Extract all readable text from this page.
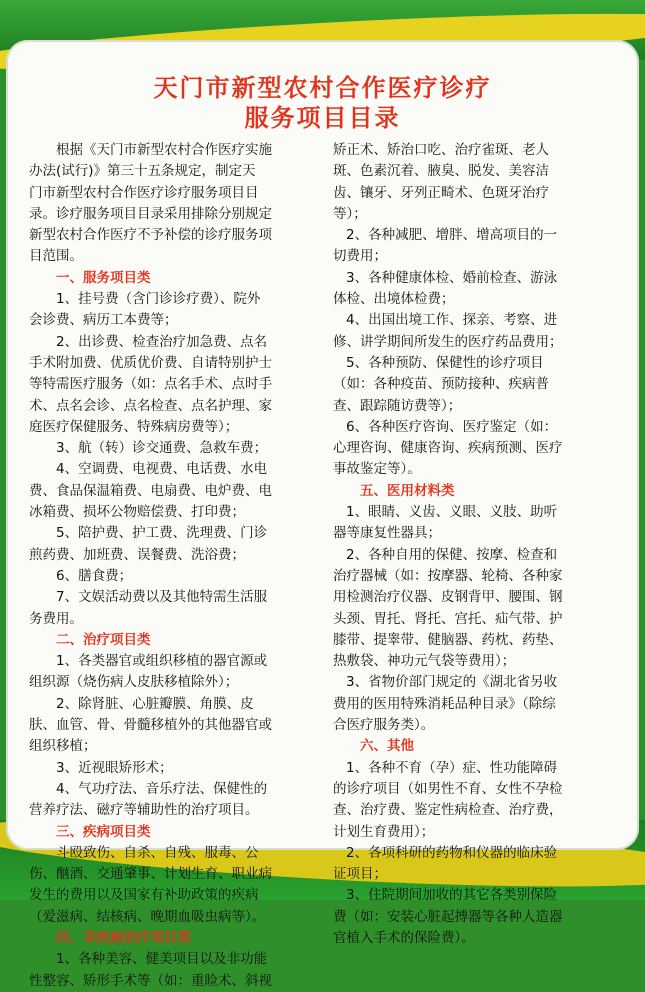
天门市新型农村合作医疗诊疗
服务项目目录
根据《天门市新型农村合作医疗实施
办法(试行)》第三十五条规定，制定天
门市新型农村合作医疗诊疗服务项目目
录。诊疗服务项目目录采用排除分别规定
新型农村合作医疗不予补偿的诊疗服务项
目范围。
一、服务项目类
1、挂号费（含门诊诊疗费）、院外
会诊费、病历工本费等；
2、出诊费、检查治疗加急费、点名
手术附加费、优质优价费、自请特别护士
等特需医疗服务（如：点名手术、点时手
术、点名会诊、点名检查、点名护理、家
庭医疗保健服务、特殊病房费等）；
3、航（转）诊交通费、急救车费；
4、空调费、电视费、电话费、水电
费、食品保温箱费、电扇费、电炉费、电
冰箱费、损坏公物赔偿费、打印费；
5、陪护费、护工费、洗理费、门诊
煎药费、加班费、误餐费、洗浴费；
6、膳食费；
7、文娱活动费以及其他特需生活服
务费用。
二、治疗项目类
1、各类器官或组织移植的器官源或
组织源（烧伤病人皮肤移植除外）；
2、除肾脏、心脏瓣膜、角膜、皮
肤、血管、骨、骨髓移植外的其他器官或
组织移植；
3、近视眼矫形术；
4、气功疗法、音乐疗法、保健性的
营养疗法、磁疗等辅助性的治疗项目。
三、疾病项目类
斗殴致伤、自杀、自残、服毒、公
伤、酗酒、交通肇事、计划生育、职业病
发生的费用以及国家有补助政策的疾病
（爱滋病、结核病、晚期血吸虫病等）。
四、非疾病治疗项目类
1、各种美容、健美项目以及非功能
性整容、矫形手术等（如：重睑术、斜视
矫正术、矫治口吃、治疗雀斑、老人
斑、色素沉着、腋臭、脱发、美容洁
齿、镶牙、牙列正畸术、色斑牙治疗
等）；
2、各种减肥、增胖、增高项目的一
切费用；
3、各种健康体检、婚前检查、游泳
体检、出境体检费；
4、出国出境工作、探亲、考察、进
修、讲学期间所发生的医疗药品费用；
5、各种预防、保健性的诊疗项目
（如：各种疫苗、预防接种、疾病普
查、跟踪随访费等）；
6、各种医疗咨询、医疗鉴定（如：
心理咨询、健康咨询、疾病预测、医疗
事故鉴定等）。
五、医用材料类
1、眼睛、义齿、义眼、义肢、助听
器等康复性器具；
2、各种自用的保健、按摩、检查和
治疗器械（如：按摩器、轮椅、各种家
用检测治疗仪器、皮钢背甲、腰围、钢
头颈、胃托、肾托、宫托、疝气带、护
膝带、提睾带、健脑器、药枕、药垫、
热敷袋、神功元气袋等费用）；
3、省物价部门规定的《湖北省另收
费用的医用特殊消耗品种目录》（除综
合医疗服务类）。
六、其他
1、各种不育（孕）症、性功能障碍
的诊疗项目（如男性不育、女性不孕检
查、治疗费、鉴定性病检查、治疗费，
计划生育费用）；
2、各项科研的药物和仪器的临床验
证项目；
3、住院期间加收的其它各类别保险
费（如：安装心脏起搏器等各种人造器
官植入手术的保险费）。
